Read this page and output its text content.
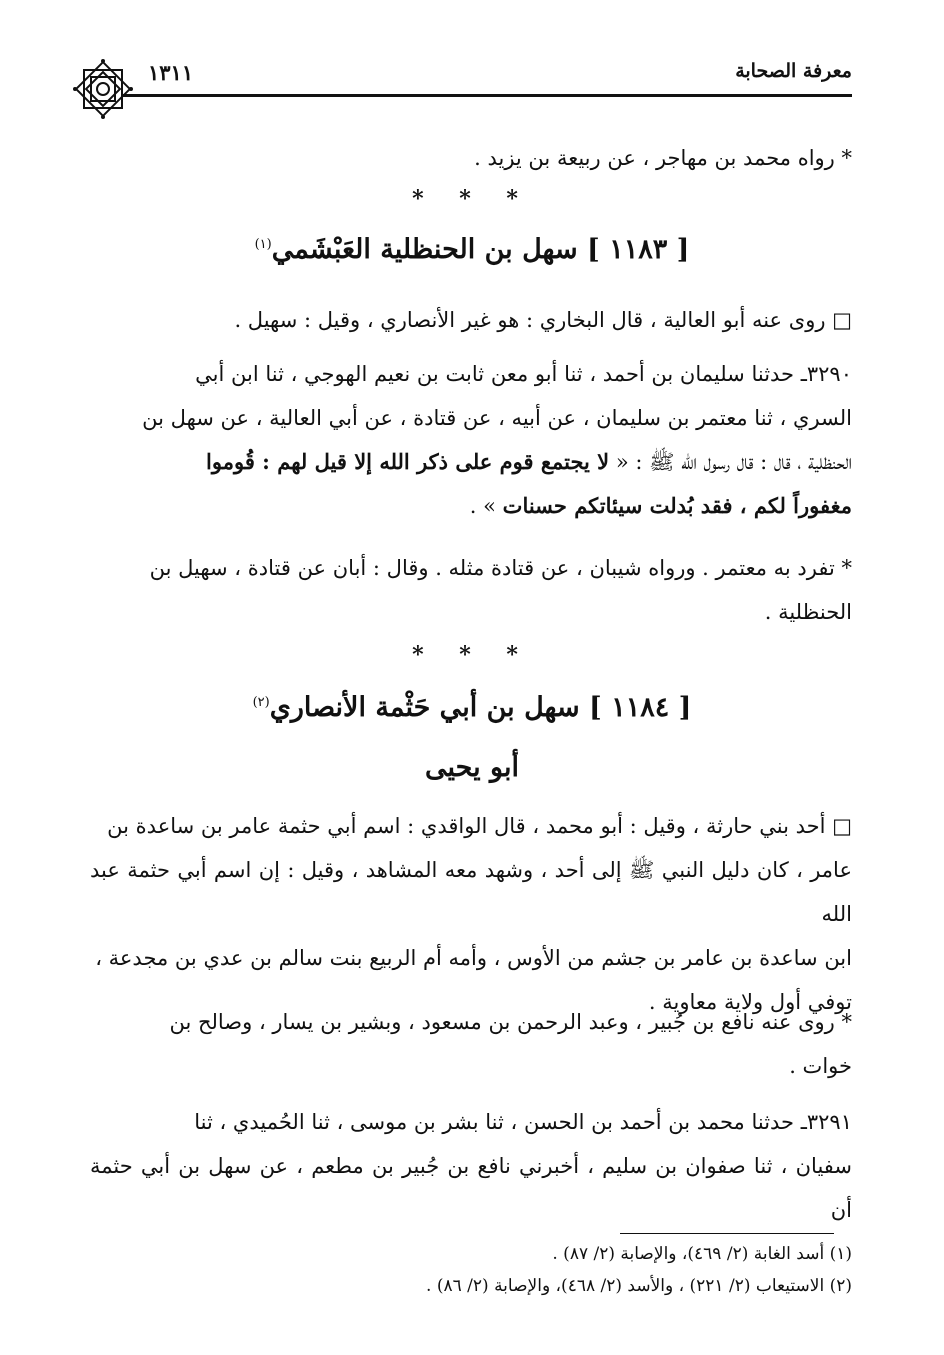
معرفة الصحابة
١٣١١
* رواه محمد بن مهاجر ، عن ربيعة بن يزيد .
* * *
[ ١١٨٣ ] سهل بن الحنظلية العَبْشَمي$^{(١)}$
□ روى عنه أبو العالية ، قال البخاري : هو غير الأنصاري ، وقيل : سهيل .
٣٢٩٠ـ حدثنا سليمان بن أحمد ، ثنا أبو معن ثابت بن نعيم الهوجي ، ثنا ابن أبي
السري ، ثنا معتمر بن سليمان ، عن أبيه ، عن قتادة ، عن أبي العالية ، عن سهل بن
الحنظلية ، قال : قال رسول الله ﷺ : « لا يجتمع قوم على ذكر الله إلا قيل لهم : قُوموا
مغفوراً لكم ، فقد بُدلت سيئاتكم حسنات » .
* تفرد به معتمر . ورواه شيبان ، عن قتادة مثله . وقال : أبان عن قتادة ، سهيل بن
الحنظلية .
* * *
[ ١١٨٤ ] سهل بن أبي حَثْمة الأنصاري$^{(٢)}$
أبو يحيى
□ أحد بني حارثة ، وقيل : أبو محمد ، قال الواقدي : اسم أبي حثمة عامر بن ساعدة بن
عامر ، كان دليل النبي ﷺ إلى أحد ، وشهد معه المشاهد ، وقيل : إن اسم أبي حثمة عبد الله
ابن ساعدة بن عامر بن جشم من الأوس ، وأمه أم الربيع بنت سالم بن عدي بن مجدعة ،
توفي أول ولاية معاوية .
* روى عنه نافع بن جُبير ، وعبد الرحمن بن مسعود ، وبشير بن يسار ، وصالح بن
خوات .
٣٢٩١ـ حدثنا محمد بن أحمد بن الحسن ، ثنا بشر بن موسى ، ثنا الحُميدي ، ثنا
سفيان ، ثنا صفوان بن سليم ، أخبرني نافع بن جُبير بن مطعم ، عن سهل بن أبي حثمة أن
(١) أسد الغابة (٢/ ٤٦٩)، والإصابة (٢/ ٨٧) .
(٢) الاستيعاب (٢/ ٢٢١) ، والأسد (٢/ ٤٦٨)، والإصابة (٢/ ٨٦) .
